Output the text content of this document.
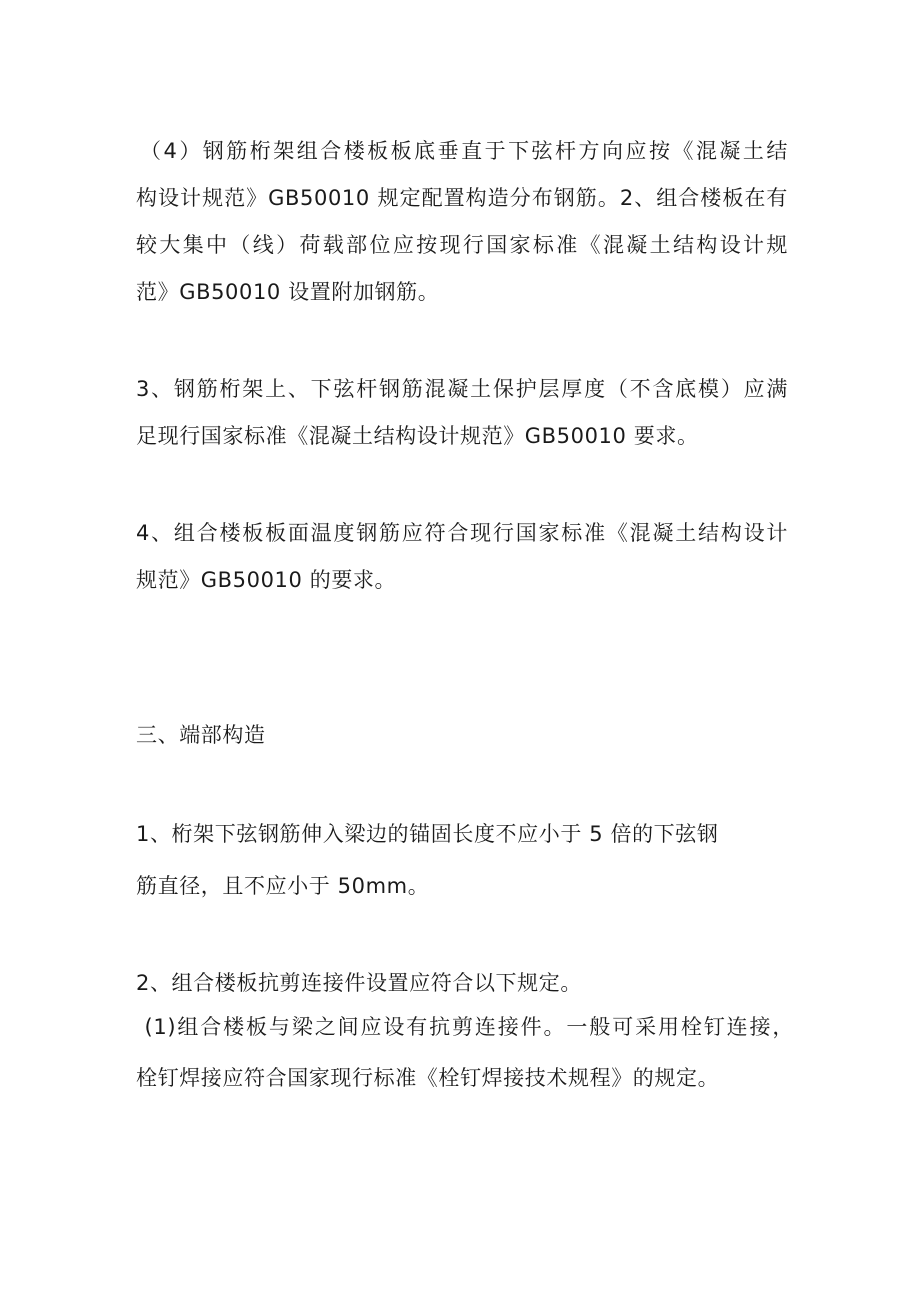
（4）钢筋桁架组合楼板板底垂直于下弦杆方向应按《混凝土结
构设计规范》GB50010 规定配置构造分布钢筋。2、组合楼板在有
较大集中（线）荷载部位应按现行国家标准《混凝土结构设计规
范》GB50010 设置附加钢筋。
3、钢筋桁架上、下弦杆钢筋混凝土保护层厚度（不含底模）应满
足现行国家标准《混凝土结构设计规范》GB50010 要求。
4、组合楼板板面温度钢筋应符合现行国家标准《混凝土结构设计
规范》GB50010 的要求。
三、端部构造
1、桁架下弦钢筋伸入梁边的锚固长度不应小于 5 倍的下弦钢
筋直径，且不应小于 50mm。
2、组合楼板抗剪连接件设置应符合以下规定。
(1)组合楼板与梁之间应设有抗剪连接件。一般可采用栓钉连接，
栓钉焊接应符合国家现行标准《栓钉焊接技术规程》的规定。
